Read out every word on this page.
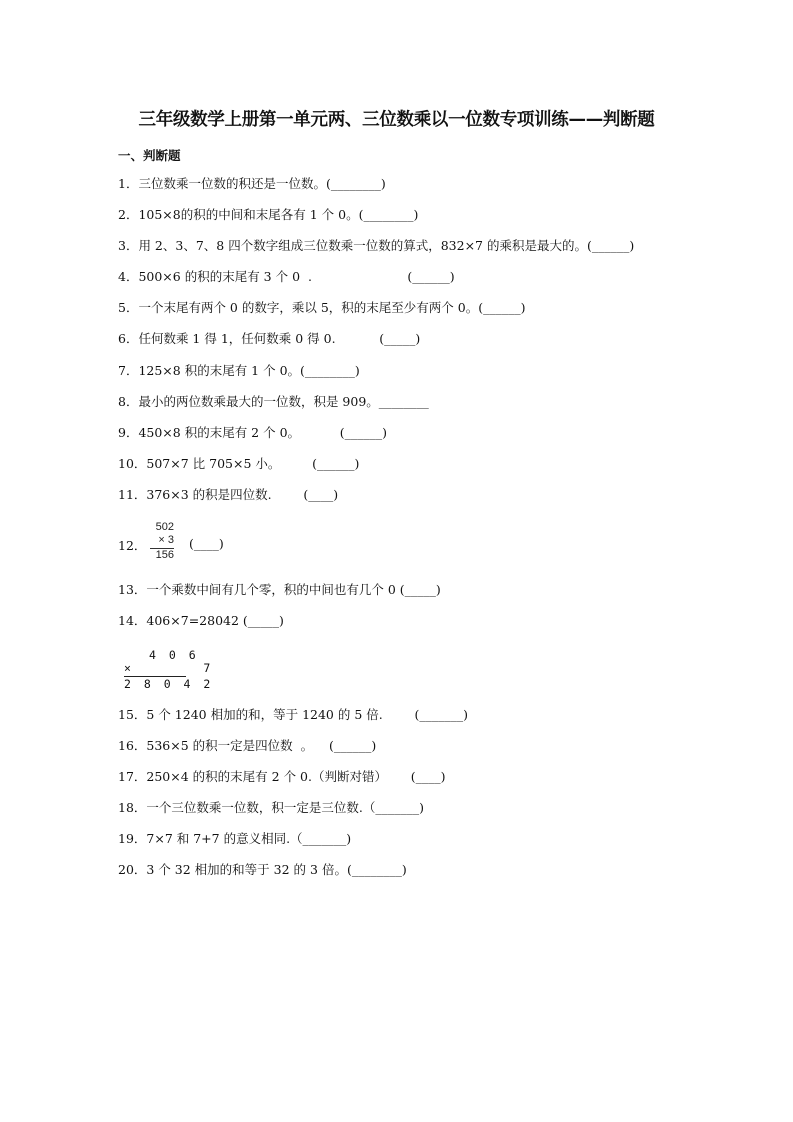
三年级数学上册第一单元两、三位数乘以一位数专项训练——判断题
一、判断题
1．三位数乘一位数的积还是一位数。(________)
2．105×8的积的中间和末尾各有 1 个 0。(________)
3．用 2、3、7、8 四个数字组成三位数乘一位数的算式，832×7 的乘积是最大的。(______)
4．500×6 的积的末尾有 3 个 0  .                        (______)
5．一个末尾有两个 0 的数字，乘以 5，积的末尾至少有两个 0。(______)
6．任何数乘 1 得 1，任何数乘 0 得 0.           (_____)
7．125×8 积的末尾有 1 个 0。(________)
8．最小的两位数乘最大的一位数，积是 909。________
9．450×8 积的末尾有 2 个 0。          (______)
10．507×7 比 705×5 小。        (______)
11．376×3 的积是四位数.        (____)
12．
502
× 3
156
(____)
13．一个乘数中间有几个零，积的中间也有几个 0 (_____)
14．406×7=28042 (_____)
4 0 6
×       7
2 8 0 4 2
15．5 个 1240 相加的和，等于 1240 的 5 倍.        (_______)
16．536×5 的积一定是四位数  。    (______)
17．250×4 的积的末尾有 2 个 0.（判断对错）      (____)
18．一个三位数乘一位数，积一定是三位数.（_______)
19．7×7 和 7+7 的意义相同.（_______)
20．3 个 32 相加的和等于 32 的 3 倍。(________)
